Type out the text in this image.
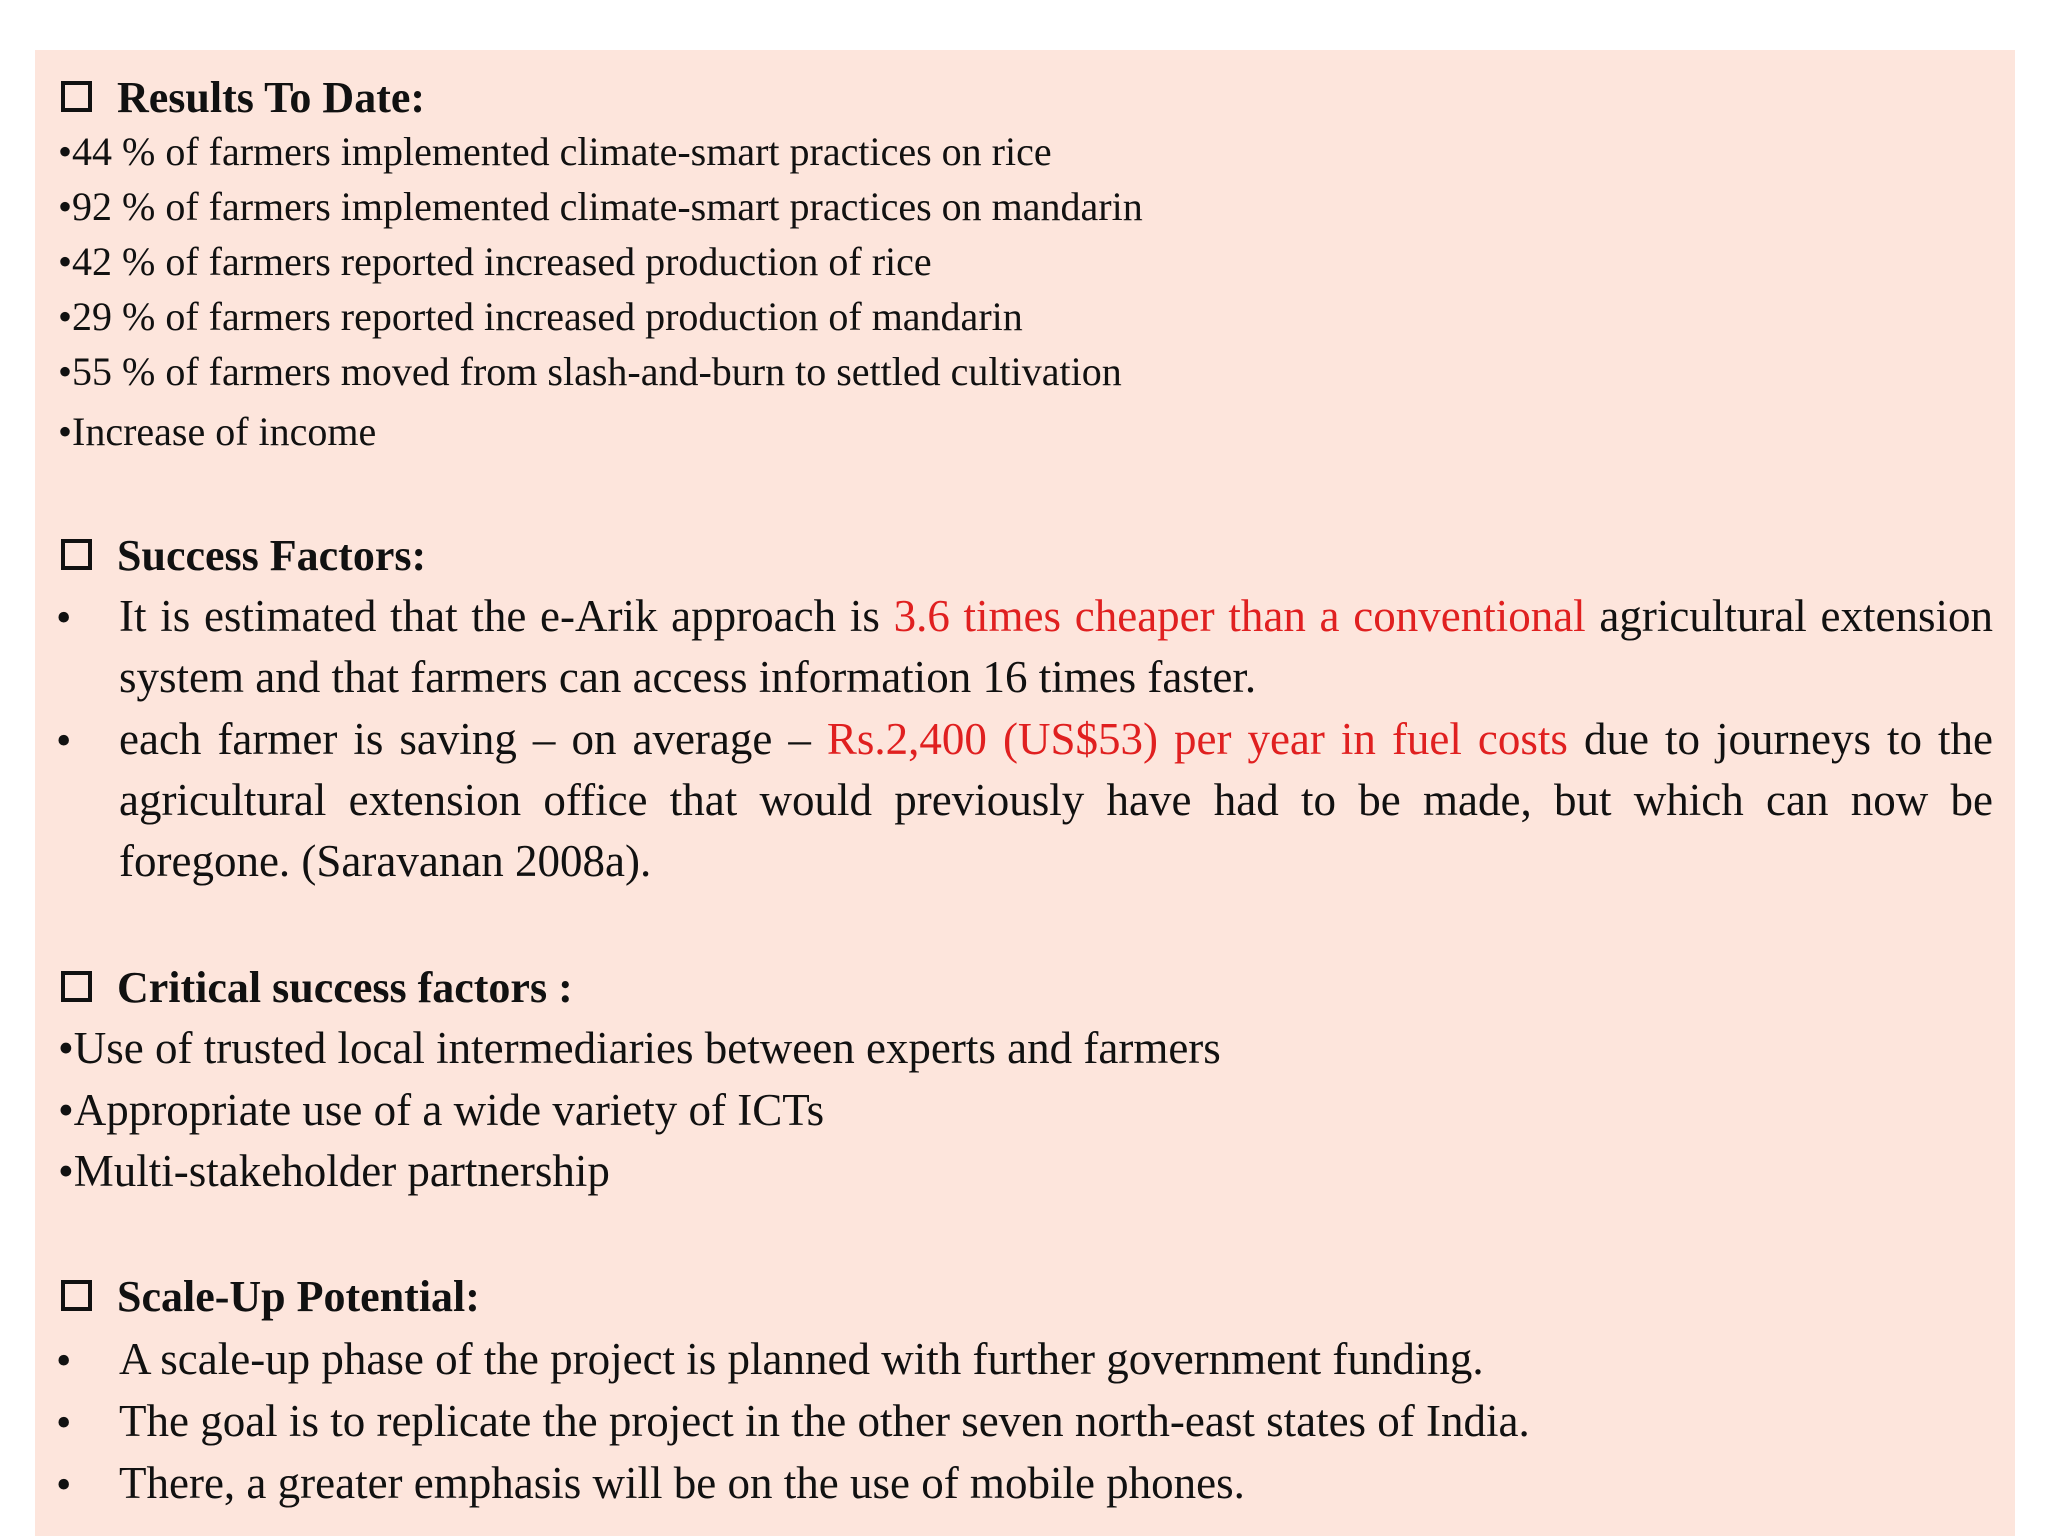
Results To Date:
•44 % of farmers implemented climate-smart practices on rice
•92 % of farmers implemented climate-smart practices on mandarin
•42 % of farmers reported increased production of rice
•29 % of farmers reported increased production of mandarin
•55 % of farmers moved from slash-and-burn to settled cultivation
•Increase of income
Success Factors:
• It is estimated that the e-Arik approach is 3.6 times cheaper than a conventional agricultural extension system and that farmers can access information 16 times faster.
• each farmer is saving – on average – Rs.2,400 (US$53) per year in fuel costs due to journeys to the agricultural extension office that would previously have had to be made, but which can now be foregone. (Saravanan 2008a).
Critical success factors :
•Use of trusted local intermediaries between experts and farmers
•Appropriate use of a wide variety of ICTs
•Multi-stakeholder partnership
Scale-Up Potential:
• A scale-up phase of the project is planned with further government funding.
• The goal is to replicate the project in the other seven north-east states of India.
• There, a greater emphasis will be on the use of mobile phones.
